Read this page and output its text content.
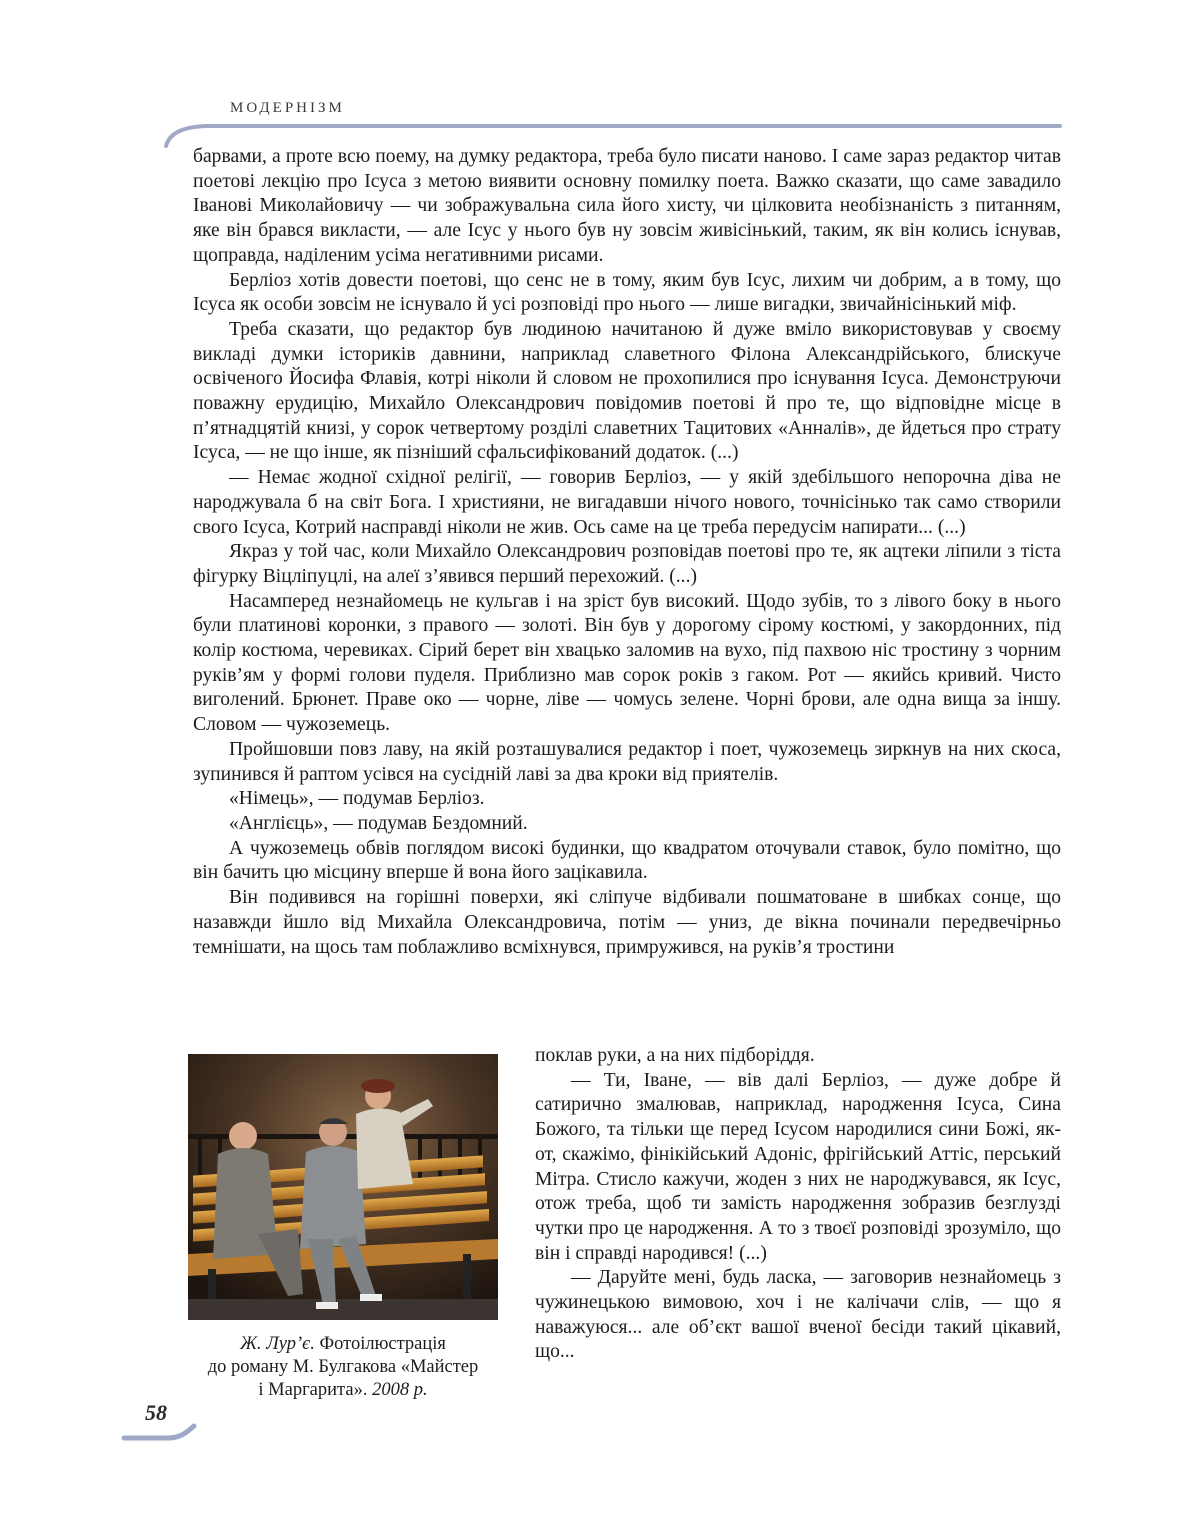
МОДЕРНІЗМ

барвами, а проте всю поему, на думку редактора, треба було писати наново. І саме зараз редактор читав поетові лекцію про Ісуса з метою виявити основну помилку поета. Важко сказати, що саме завадило Іванові Миколайовичу — чи зображувальна сила його хисту, чи цілковита необізнаність з питанням, яке він брався викласти, — але Ісус у нього був ну зовсім живісінький, таким, як він колись існував, щоправда, наділеним усіма негативними рисами.

Берліоз хотів довести поетові, що сенс не в тому, яким був Ісус, лихим чи добрим, а в тому, що Ісуса як особи зовсім не існувало й усі розповіді про нього — лише вигадки, звичайнісінький міф.

Треба сказати, що редактор був людиною начитаною й дуже вміло використовував у своєму викладі думки істориків давнини, наприклад славетного Філона Александрійського, блискуче освіченого Йосифа Флавія, котрі ніколи й словом не прохопилися про існування Ісуса. Демонструючи поважну ерудицію, Михайло Олександрович повідомив поетові й про те, що відповідне місце в п’ятнадцятій книзі, у сорок четвертому розділі славетних Тацитових «Анналів», де йдеться про страту Ісуса, — не що інше, як пізніший сфальсифікований додаток. (...)

— Немає жодної східної релігії, — говорив Берліоз, — у якій здебільшого непорочна діва не народжувала б на світ Бога. І християни, не вигадавши нічого нового, точнісінько так само створили свого Ісуса, Котрий насправді ніколи не жив. Ось саме на це треба передусім напирати... (...)

Якраз у той час, коли Михайло Олександрович розповідав поетові про те, як ацтеки ліпили з тіста фігурку Віцліпуцлі, на алеї з’явився перший перехожий. (...)

Насамперед незнайомець не кульгав і на зріст був високий. Щодо зубів, то з лівого боку в нього були платинові коронки, з правого — золоті. Він був у дорогому сірому костюмі, у закордонних, під колір костюма, черевиках. Сірий берет він хвацько заломив на вухо, під пахвою ніс тростину з чорним руків’ям у формі голови пуделя. Приблизно мав сорок років з гаком. Рот — якийсь кривий. Чисто виголений. Брюнет. Праве око — чорне, ліве — чомусь зелене. Чорні брови, але одна вища за іншу. Словом — чужоземець.

Пройшовши повз лаву, на якій розташувалися редактор і поет, чужоземець зиркнув на них скоса, зупинився й раптом усівся на сусідній лаві за два кроки від приятелів.

«Німець», — подумав Берліоз.

«Англієць», — подумав Бездомний.

А чужоземець обвів поглядом високі будинки, що квадратом оточували ставок, було помітно, що він бачить цю місцину вперше й вона його зацікавила.

Він подивився на горішні поверхи, які сліпуче відбивали пошматоване в шибках сонце, що назавжди йшло від Михайла Олександровича, потім — униз, де вікна починали передвечірньо темнішати, на щось там поблажливо всміхнувся, примружився, на руків’я тростини

Ж. Лур’є. Фотоілюстрація
до роману М. Булгакова «Майстер
і Маргарита». 2008 р.

поклав руки, а на них підборіддя.

— Ти, Іване, — вів далі Берліоз, — дуже добре й сатирично змалював, наприклад, народження Ісуса, Сина Божого, та тільки ще перед Ісусом народилися сини Божі, як-от, скажімо, фінікійський Адоніс, фрігійський Аттіс, перський Мітра. Стисло кажучи, жоден з них не народжувався, як Ісус, отож треба, щоб ти замість народження зобразив безглузді чутки про це народження. А то з твоєї розповіді зрозуміло, що він і справді народився! (...)

— Даруйте мені, будь ласка, — заговорив незнайомець з чужинецькою вимовою, хоч і не калічачи слів, — що я наважуюся... але об’єкт вашої вченої бесіди такий цікавий, що...

58
